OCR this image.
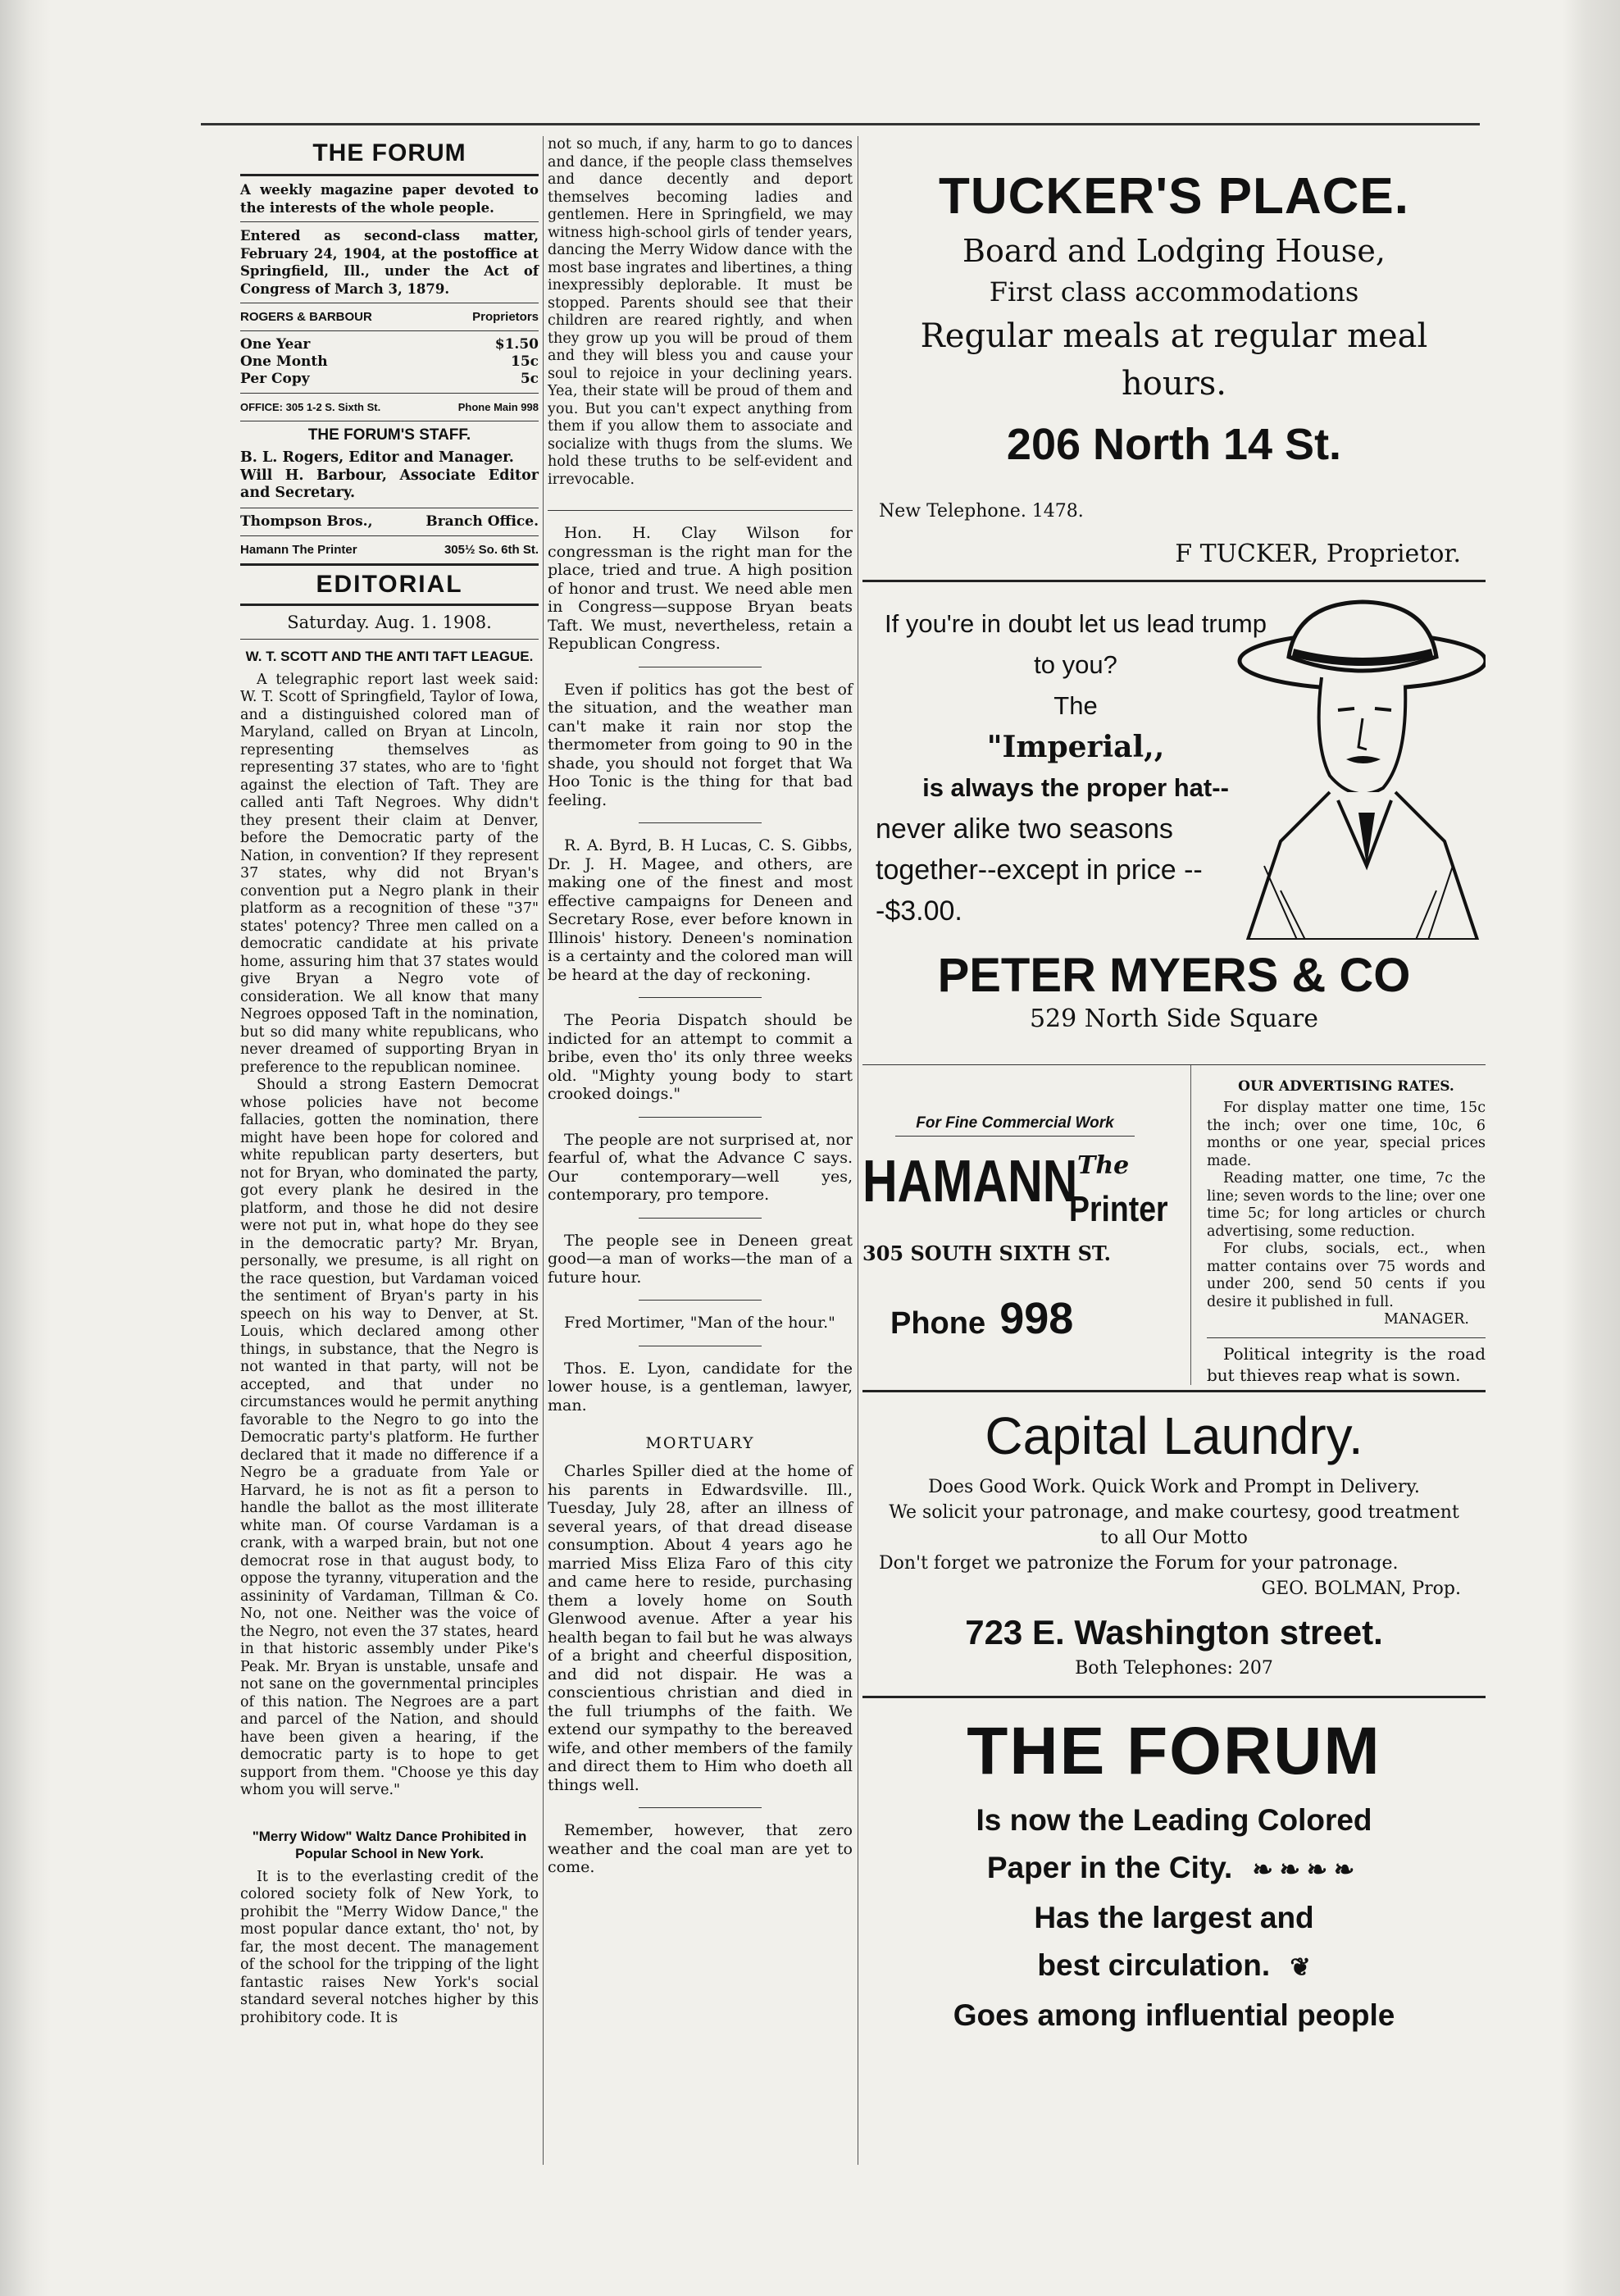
THE FORUM

A weekly magazine paper devoted to the interests of the whole people.

Entered as second-class matter, February 24, 1904, at the postoffice at Springfield, Ill., under the Act of Congress of March 3, 1879.

ROGERS & BARBOUR	Proprietors
One Year	$1.50
One Month	15c
Per Copy	5c
OFFICE: 305 1-2 S. Sixth St.	Phone Main 998
THE FORUM'S STAFF.

B. L. Rogers, Editor and Manager.

Will H. Barbour, Associate Editor and Secretary.

Thompson Bros.,	Branch Office.
Hamann The Printer	305½ So. 6th St.
EDITORIAL
Saturday. Aug. 1. 1908.
W. T. SCOTT AND THE ANTI TAFT LEAGUE.

A telegraphic report last week said: W. T. Scott of Springfield, Taylor of Iowa, and a distinguished colored man of Maryland, called on Bryan at Lincoln, representing themselves as representing 37 states, who are to 'fight against the election of Taft. They are called anti Taft Negroes. Why didn't they present their claim at Denver, before the Democratic party of the Nation, in convention? If they represent 37 states, why did not Bryan's convention put a Negro plank in their platform as a recognition of these "37" states' potency? Three men called on a democratic candidate at his private home, assuring him that 37 states would give Bryan a Negro vote of consideration. We all know that many Negroes opposed Taft in the nomination, but so did many white republicans, who never dreamed of supporting Bryan in preference to the republican nominee.

Should a strong Eastern Democrat whose policies have not become fallacies, gotten the nomination, there might have been hope for colored and white republican party deserters, but not for Bryan, who dominated the party, got every plank he desired in the platform, and those he did not desire were not put in, what hope do they see in the democratic party? Mr. Bryan, personally, we presume, is all right on the race question, but Vardaman voiced the sentiment of Bryan's party in his speech on his way to Denver, at St. Louis, which declared among other things, in substance, that the Negro is not wanted in that party, will not be accepted, and that under no circumstances would he permit anything favorable to the Negro to go into the Democratic party's platform. He further declared that it made no difference if a Negro be a graduate from Yale or Harvard, he is not as fit a person to handle the ballot as the most illiterate white man. Of course Vardaman is a crank, with a warped brain, but not one democrat rose in that august body, to oppose the tyranny, vituperation and the assininity of Vardaman, Tillman & Co. No, not one. Neither was the voice of the Negro, not even the 37 states, heard in that historic assembly under Pike's Peak. Mr. Bryan is unstable, unsafe and not sane on the governmental principles of this nation. The Negroes are a part and parcel of the Nation, and should have been given a hearing, if the democratic party is to hope to get support from them. "Choose ye this day whom you will serve."

"Merry Widow" Waltz Dance Prohibited in Popular School in New York.

It is to the everlasting credit of the colored society folk of New York, to prohibit the "Merry Widow Dance," the most popular dance extant, tho' not, by far, the most decent. The management of the school for the tripping of the light fantastic raises New York's social standard several notches higher by this prohibitory code. It is

not so much, if any, harm to go to dances and dance, if the people class themselves and dance decently and deport themselves becoming ladies and gentlemen. Here in Springfield, we may witness high-school girls of tender years, dancing the Merry Widow dance with the most base ingrates and libertines, a thing inexpressibly deplorable. It must be stopped. Parents should see that their children are reared rightly, and when they grow up you will be proud of them and they will bless you and cause your soul to rejoice in your declining years. Yea, their state will be proud of them and you. But you can't expect anything from them if you allow them to associate and socialize with thugs from the slums. We hold these truths to be self-evident and irrevocable.

Hon. H. Clay Wilson for congressman is the right man for the place, tried and true. A high position of honor and trust. We need able men in Congress—suppose Bryan beats Taft. We must, nevertheless, retain a Republican Congress.

Even if politics has got the best of the situation, and the weather man can't make it rain nor stop the thermometer from going to 90 in the shade, you should not forget that Wa Hoo Tonic is the thing for that bad feeling.

R. A. Byrd, B. H Lucas, C. S. Gibbs, Dr. J. H. Magee, and others, are making one of the finest and most effective campaigns for Deneen and Secretary Rose, ever before known in Illinois' history. Deneen's nomination is a certainty and the colored man will be heard at the day of reckoning.

The Peoria Dispatch should be indicted for an attempt to commit a bribe, even tho' its only three weeks old. "Mighty young body to start crooked doings."

The people are not surprised at, nor fearful of, what the Advance C says. Our contemporary—well yes, contemporary, pro tempore.

The people see in Deneen great good—a man of works—the man of a future hour.

Fred Mortimer, "Man of the hour."

Thos. E. Lyon, candidate for the lower house, is a gentleman, lawyer, man.

MORTUARY

Charles Spiller died at the home of his parents in Edwardsville. Ill., Tuesday, July 28, after an illness of several years, of that dread disease consumption. About 4 years ago he married Miss Eliza Faro of this city and came here to reside, purchasing them a lovely home on South Glenwood avenue. After a year his health began to fail but he was always of a bright and cheerful disposition, and did not dispair. He was a conscientious christian and died in the full triumphs of the faith. We extend our sympathy to the bereaved wife, and other members of the family and direct them to Him who doeth all things well.

Remember, however, that zero weather and the coal man are yet to come.

TUCKER'S PLACE.
Board and Lodging House,
First class accommodations
Regular meals at regular meal hours.
206 North 14 St.
New Telephone. 1478.
F TUCKER, Proprietor.
If you're in doubt let us lead trump to you?
The
"Imperial,,
is always the proper hat--
never alike two seasons together--except in price ---$3.00.
PETER MYERS & CO
529 North Side Square
For Fine Commercial Work
HAMANN The
Printer
305 SOUTH SIXTH ST.
Phone 998
OUR ADVERTISING RATES.

For display matter one time, 15c the inch; over one time, 10c, 6 months or one year, special prices made.

Reading matter, one time, 7c the line; seven words to the line; over one time 5c; for long articles or church advertising, some reduction.

For clubs, socials, ect., when matter contains over 75 words and under 200, send 50 cents if you desire it published in full.

MANAGER.

Political integrity is the road but thieves reap what is sown.

Capital Laundry.
Does Good Work. Quick Work and Prompt in Delivery.
We solicit your patronage, and make courtesy, good treatment
to all Our Motto
Don't forget we patronize the Forum for your patronage.
GEO. BOLMAN, Prop.
723 E. Washington street.
Both Telephones: 207
THE FORUM
Is now the Leading Colored
Paper in the City. ❧❧❧❧
Has the largest and
best circulation. ❦
Goes among influential people
